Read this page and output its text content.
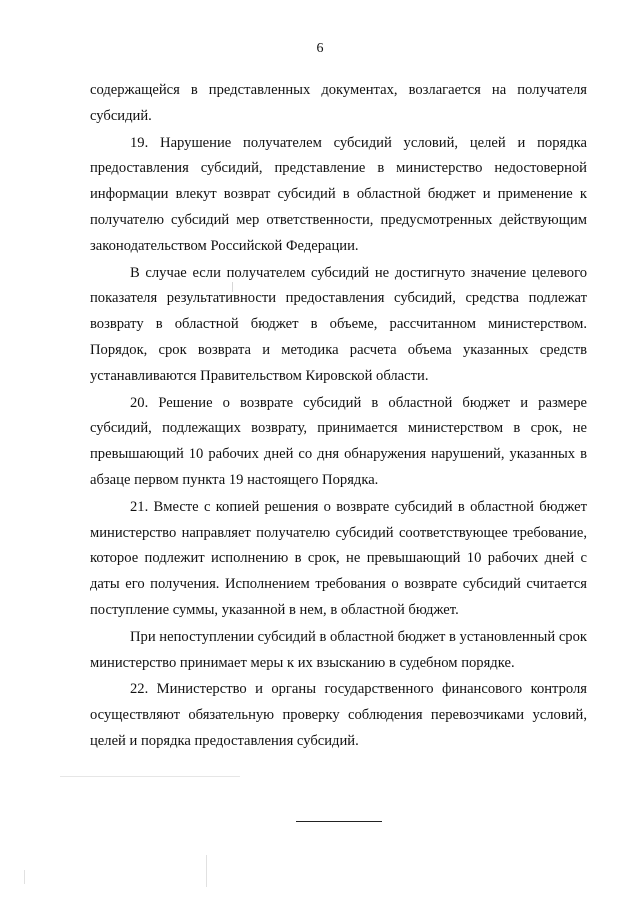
6

содержащейся в представленных документах, возлагается на получателя субсидий.

19. Нарушение получателем субсидий условий, целей и порядка предоставления субсидий, представление в министерство недостоверной информации влекут возврат субсидий в областной бюджет и применение к получателю субсидий мер ответственности, предусмотренных действующим законодательством Российской Федерации.

В случае если получателем субсидий не достигнуто значение целевого показателя результативности предоставления субсидий, средства подлежат возврату в областной бюджет в объеме, рассчитанном министерством. Порядок, срок возврата и методика расчета объема указанных средств устанавливаются Правительством Кировской области.

20. Решение о возврате субсидий в областной бюджет и размере субсидий, подлежащих возврату, принимается министерством в срок, не превышающий 10 рабочих дней со дня обнаружения нарушений, указанных в абзаце первом пункта 19 настоящего Порядка.

21. Вместе с копией решения о возврате субсидий в областной бюджет министерство направляет получателю субсидий соответствующее требование, которое подлежит исполнению в срок, не превышающий 10 рабочих дней с даты его получения. Исполнением требования о возврате субсидий считается поступление суммы, указанной в нем, в областной бюджет.

При непоступлении субсидий в областной бюджет в установленный срок министерство принимает меры к их взысканию в судебном порядке.

22. Министерство и органы государственного финансового контроля осуществляют обязательную проверку соблюдения перевозчиками условий, целей и порядка предоставления субсидий.
